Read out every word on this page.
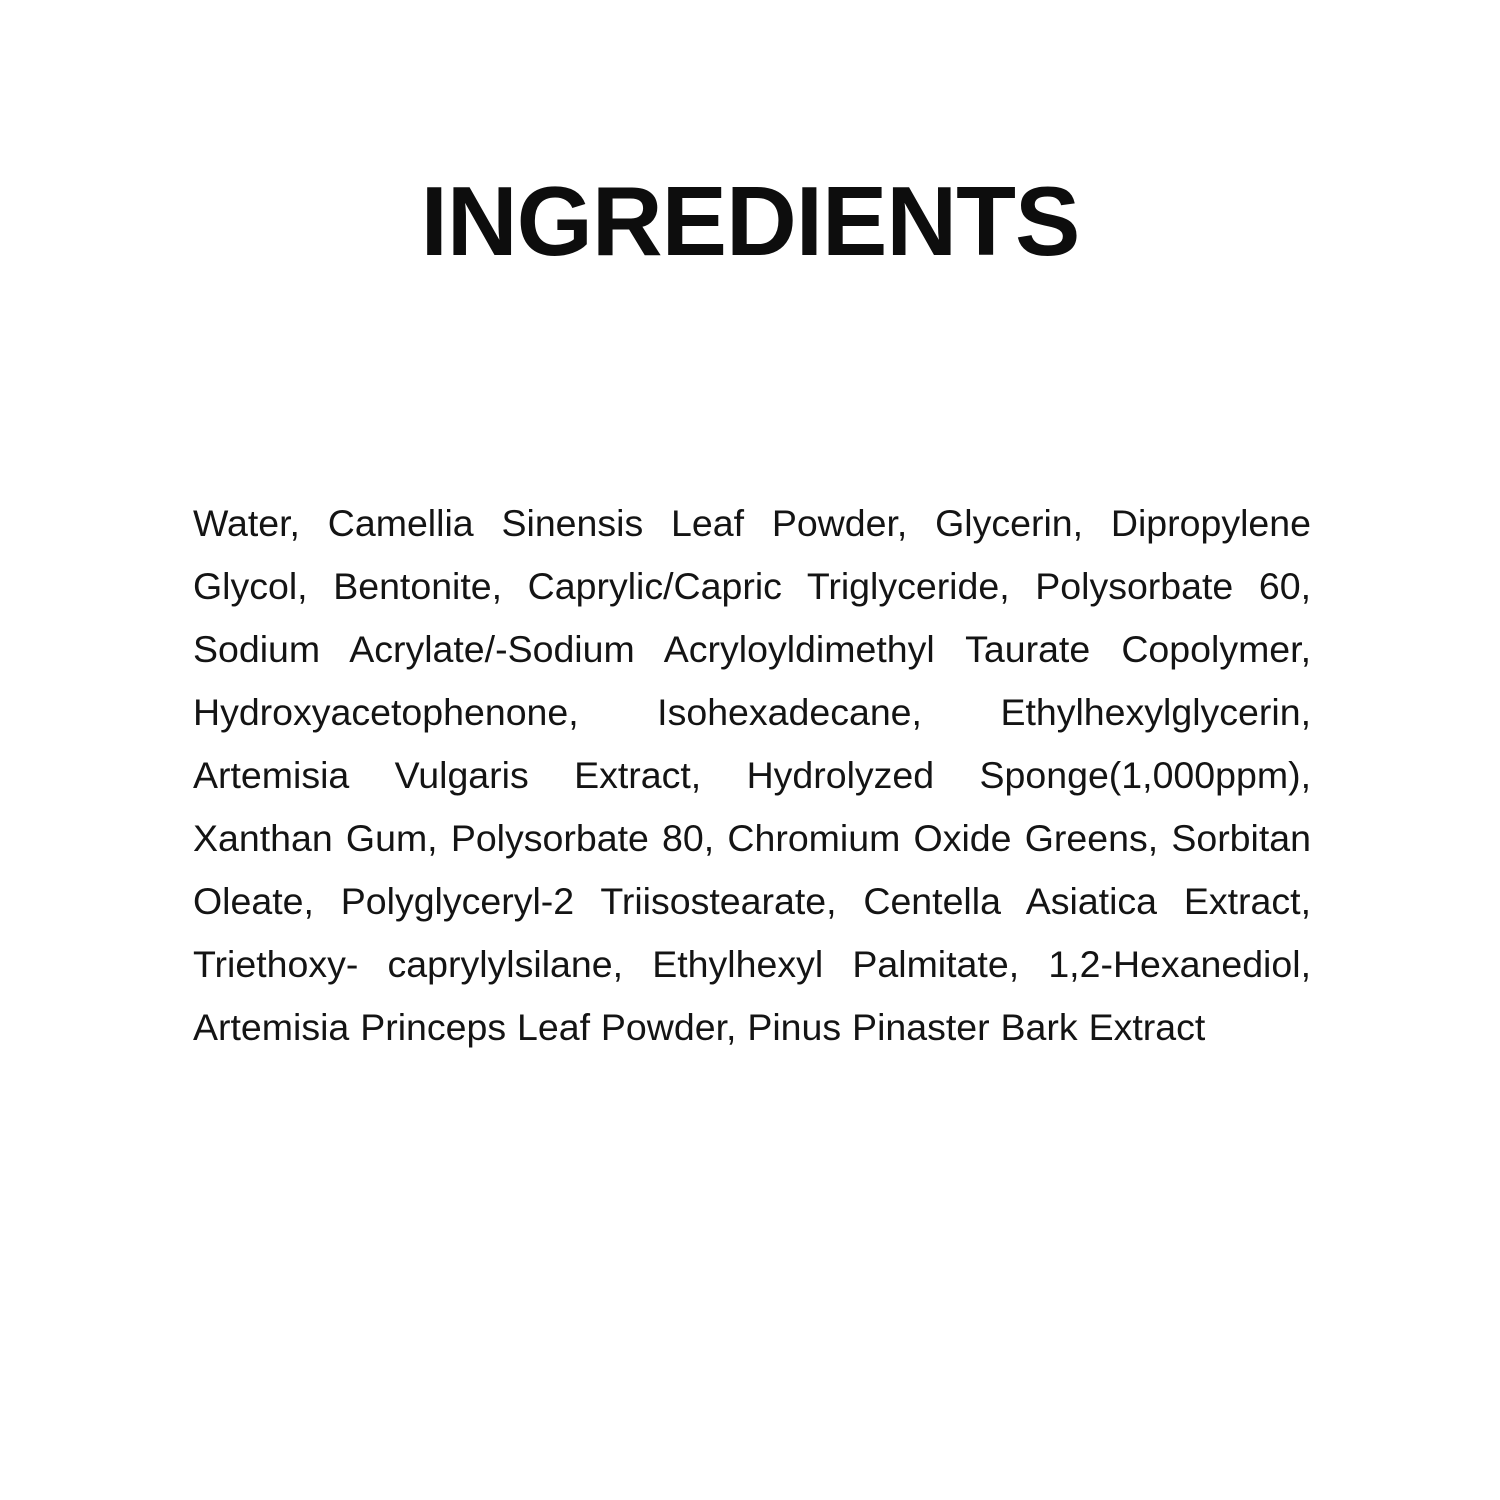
INGREDIENTS

Water, Camellia Sinensis Leaf Powder, Glycerin, Dipropylene Glycol, Bentonite, Caprylic/Capric Triglyceride, Polysorbate 60, Sodium Acrylate/-Sodium Acryloyldimethyl Taurate Copolymer, Hydroxyacetophenone, Isohexadecane, Ethylhexylglycerin, Artemisia Vulgaris Extract, Hydrolyzed Sponge(1,000ppm), Xanthan Gum, Polysorbate 80, Chromium Oxide Greens, Sorbitan Oleate, Polyglyceryl-2 Triisostearate, Centella Asiatica Extract, Triethoxy- caprylylsilane, Ethylhexyl Palmitate, 1,2-Hexanediol, Artemisia Princeps Leaf Powder, Pinus Pinaster Bark Extract
